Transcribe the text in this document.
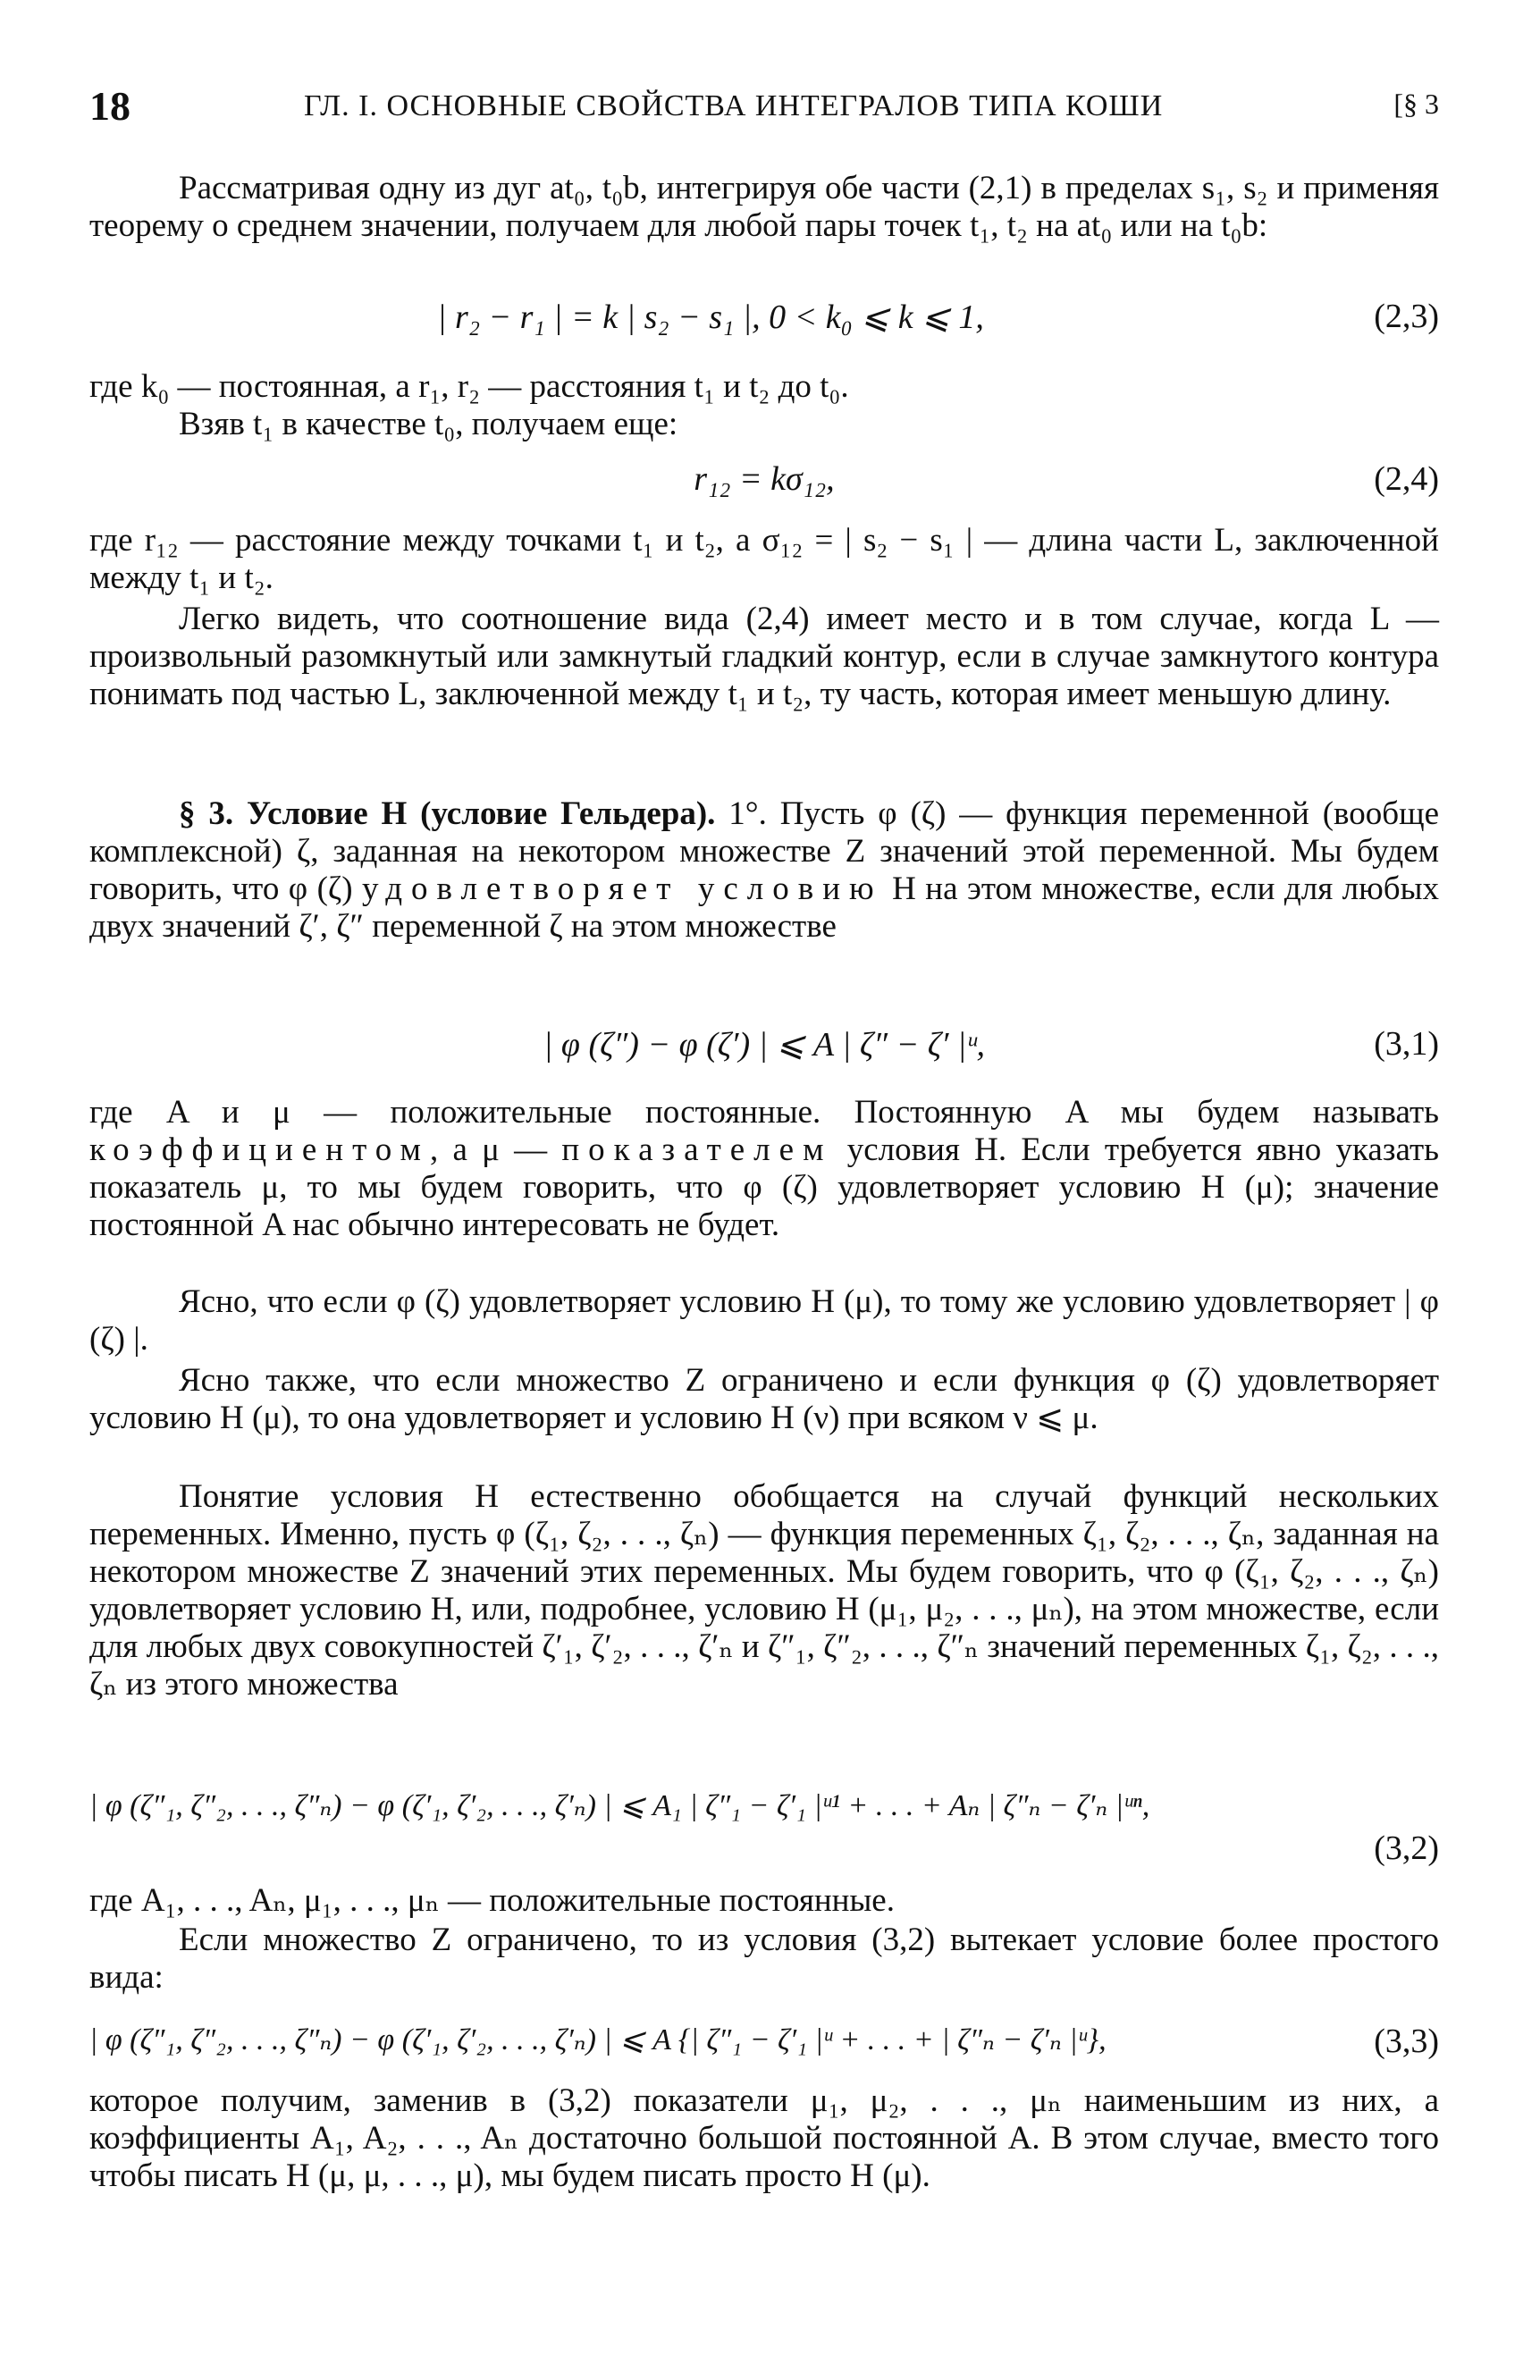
18	ГЛ. I. ОСНОВНЫЕ СВОЙСТВА ИНТЕГРАЛОВ ТИПА КОШИ	[§ 3

Рассматривая одну из дуг at₀, t₀b, интегрируя обе части (2,1) в пределах s₁, s₂ и применяя теорему о среднем значении, получаем для любой пары точек t₁, t₂ на at₀ или на t₀b:

| r₂ − r₁ | = k | s₂ − s₁ |, 0 < k₀ ⩽ k ⩽ 1,	(2,3)

где k₀ — постоянная, а r₁, r₂ — расстояния t₁ и t₂ до t₀.

Взяв t₁ в качестве t₀, получаем еще:

r₁₂ = kσ₁₂,	(2,4)

где r₁₂ — расстояние между точками t₁ и t₂, а σ₁₂ = | s₂ − s₁ | — длина части L, заключенной между t₁ и t₂.

Легко видеть, что соотношение вида (2,4) имеет место и в том случае, когда L — произвольный разомкнутый или замкнутый гладкий контур, если в случае замкнутого контура понимать под частью L, заключенной между t₁ и t₂, ту часть, которая имеет меньшую длину.

§ 3. Условие H (условие Гельдера). 1°. Пусть φ (ζ) — функция переменной (вообще комплексной) ζ, заданная на некотором множестве Z значений этой переменной. Мы будем говорить, что φ (ζ) удовлетворяет условию H на этом множестве, если для любых двух значений ζ′, ζ″ переменной ζ на этом множестве

| φ (ζ″) − φ (ζ′) | ⩽ A | ζ″ − ζ′ |ᵘ,	(3,1)

где A и μ — положительные постоянные. Постоянную A мы будем называть коэффициентом, а μ — показателем условия H. Если требуется явно указать показатель μ, то мы будем говорить, что φ (ζ) удовлетворяет условию H (μ); значение постоянной A нас обычно интересовать не будет.

Ясно, что если φ (ζ) удовлетворяет условию H (μ), то тому же условию удовлетворяет | φ (ζ) |.

Ясно также, что если множество Z ограничено и если функция φ (ζ) удовлетворяет условию H (μ), то она удовлетворяет и условию H (ν) при всяком ν ⩽ μ.

Понятие условия H естественно обобщается на случай функций нескольких переменных. Именно, пусть φ (ζ₁, ζ₂, . . ., ζₙ) — функция переменных ζ₁, ζ₂, . . ., ζₙ, заданная на некотором множестве Z значений этих переменных. Мы будем говорить, что φ (ζ₁, ζ₂, . . ., ζₙ) удовлетворяет условию H, или, подробнее, условию H (μ₁, μ₂, . . ., μₙ), на этом множестве, если для любых двух совокупностей ζ′₁, ζ′₂, . . ., ζ′ₙ и ζ″₁, ζ″₂, . . ., ζ″ₙ значений переменных ζ₁, ζ₂, . . ., ζₙ из этого множества

| φ (ζ″₁, ζ″₂, . . ., ζ″ₙ) − φ (ζ′₁, ζ′₂, . . ., ζ′ₙ) | ⩽ A₁ | ζ″₁ − ζ′₁ |ᵘ¹ + . . . + Aₙ | ζ″ₙ − ζ′ₙ |ᵘⁿ,
(3,2)

где A₁, . . ., Aₙ, μ₁, . . ., μₙ — положительные постоянные.

Если множество Z ограничено, то из условия (3,2) вытекает условие более простого вида:

| φ (ζ″₁, ζ″₂, . . ., ζ″ₙ) − φ (ζ′₁, ζ′₂, . . ., ζ′ₙ) | ⩽ A {| ζ″₁ − ζ′₁ |ᵘ + . . . + | ζ″ₙ − ζ′ₙ |ᵘ},	(3,3)

которое получим, заменив в (3,2) показатели μ₁, μ₂, . . ., μₙ наименьшим из них, а коэффициенты A₁, A₂, . . ., Aₙ достаточно большой постоянной A. В этом случае, вместо того чтобы писать H (μ, μ, . . ., μ), мы будем писать просто H (μ).
